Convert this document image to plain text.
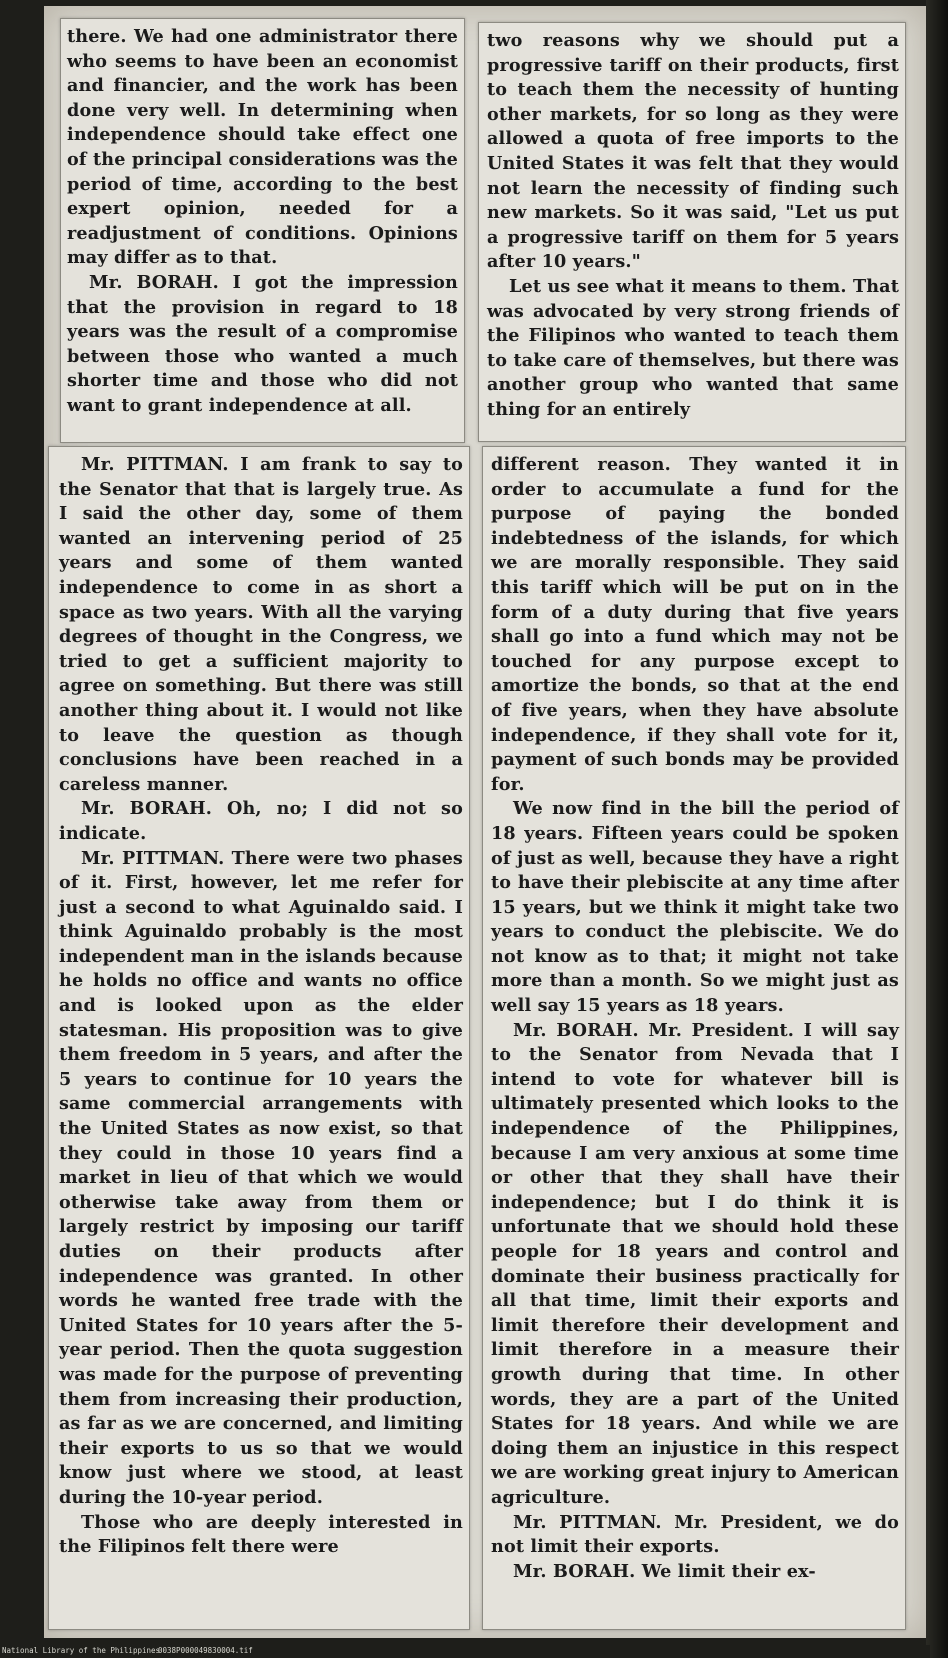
there. We had one administrator there who seems to have been an economist and financier, and the work has been done very well. In determining when independence should take effect one of the principal considerations was the period of time, according to the best expert opinion, needed for a readjustment of conditions. Opinions may differ as to that.

Mr. BORAH. I got the impression that the provision in regard to 18 years was the result of a compromise between those who wanted a much shorter time and those who did not want to grant independence at all.

two reasons why we should put a progressive tariff on their products, first to teach them the necessity of hunting other markets, for so long as they were allowed a quota of free imports to the United States it was felt that they would not learn the necessity of finding such new markets. So it was said, "Let us put a progressive tariff on them for 5 years after 10 years."

Let us see what it means to them. That was advocated by very strong friends of the Filipinos who wanted to teach them to take care of themselves, but there was another group who wanted that same thing for an entirely

Mr. PITTMAN. I am frank to say to the Senator that that is largely true. As I said the other day, some of them wanted an intervening period of 25 years and some of them wanted independence to come in as short a space as two years. With all the varying degrees of thought in the Congress, we tried to get a sufficient majority to agree on something. But there was still another thing about it. I would not like to leave the question as though conclusions have been reached in a careless manner.

Mr. BORAH. Oh, no; I did not so indicate.

Mr. PITTMAN. There were two phases of it. First, however, let me refer for just a second to what Aguinaldo said. I think Aguinaldo probably is the most independent man in the islands because he holds no office and wants no office and is looked upon as the elder statesman. His proposition was to give them freedom in 5 years, and after the 5 years to continue for 10 years the same commercial arrangements with the United States as now exist, so that they could in those 10 years find a market in lieu of that which we would otherwise take away from them or largely restrict by imposing our tariff duties on their products after independence was granted. In other words he wanted free trade with the United States for 10 years after the 5-year period. Then the quota suggestion was made for the purpose of preventing them from increasing their production, as far as we are concerned, and limiting their exports to us so that we would know just where we stood, at least during the 10-year period.

Those who are deeply interested in the Filipinos felt there were

different reason. They wanted it in order to accumulate a fund for the purpose of paying the bonded indebtedness of the islands, for which we are morally responsible. They said this tariff which will be put on in the form of a duty during that five years shall go into a fund which may not be touched for any purpose except to amortize the bonds, so that at the end of five years, when they have absolute independence, if they shall vote for it, payment of such bonds may be provided for.

We now find in the bill the period of 18 years. Fifteen years could be spoken of just as well, because they have a right to have their plebiscite at any time after 15 years, but we think it might take two years to conduct the plebiscite. We do not know as to that; it might not take more than a month. So we might just as well say 15 years as 18 years.

Mr. BORAH. Mr. President. I will say to the Senator from Nevada that I intend to vote for whatever bill is ultimately presented which looks to the independence of the Philippines, because I am very anxious at some time or other that they shall have their independence; but I do think it is unfortunate that we should hold these people for 18 years and control and dominate their business practically for all that time, limit their exports and limit therefore their development and limit therefore in a measure their growth during that time. In other words, they are a part of the United States for 18 years. And while we are doing them an injustice in this respect we are working great injury to American agriculture.

Mr. PITTMAN. Mr. President, we do not limit their exports.

Mr. BORAH. We limit their ex-

National Library of the Philippines
0038P000049830004.tif
